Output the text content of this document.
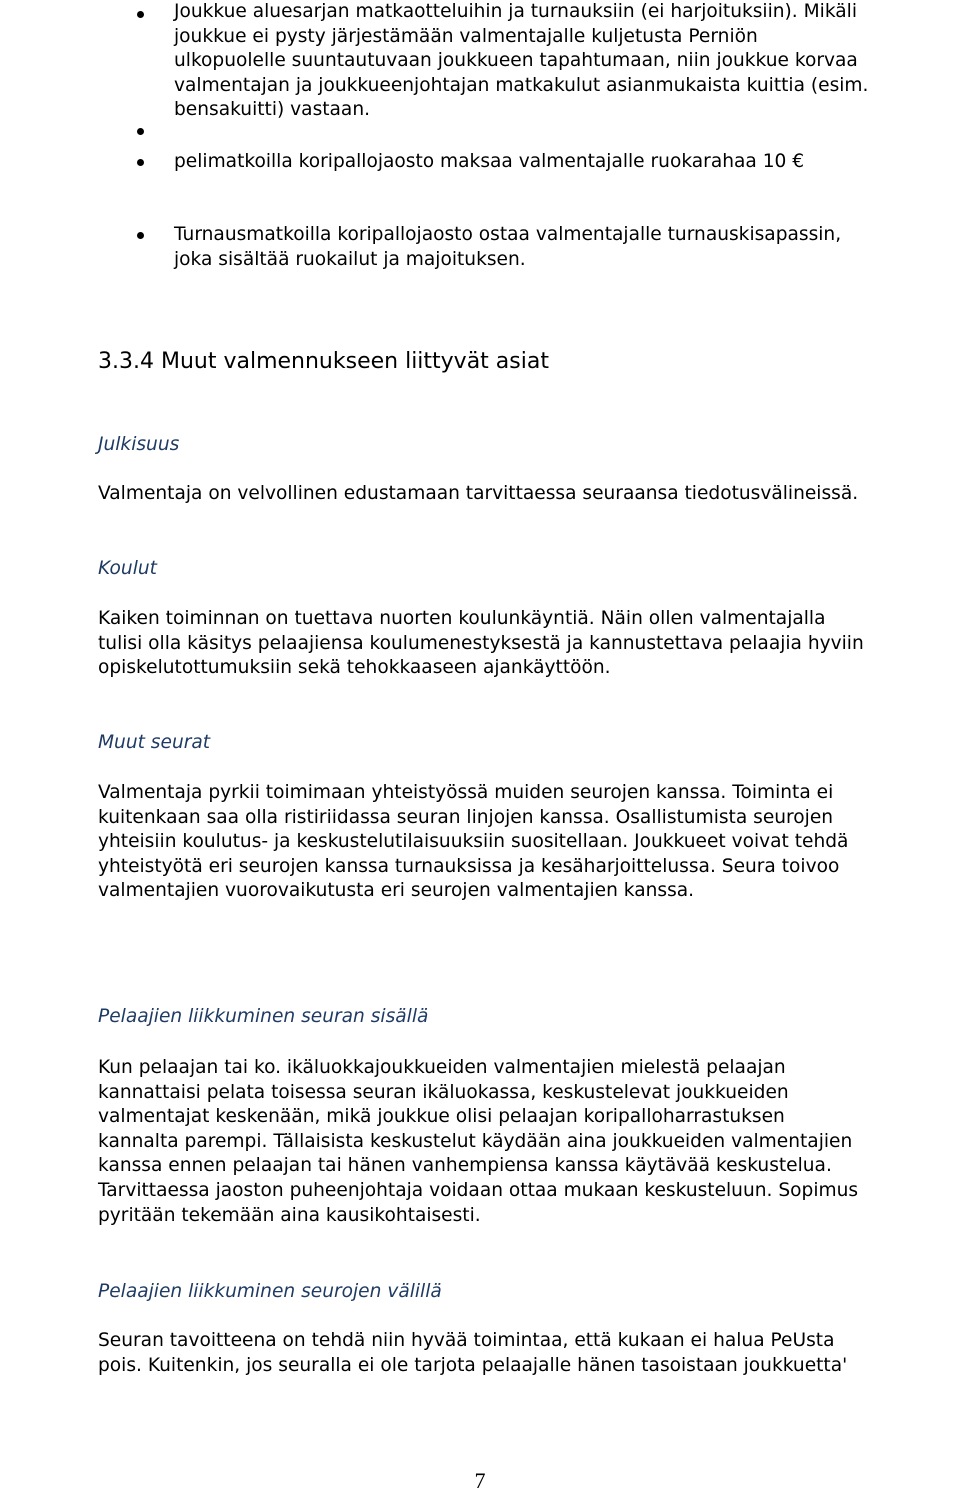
Joukkue aluesarjan matkaotteluihin ja turnauksiin (ei harjoituksiin). Mikäli
joukkue ei pysty järjestämään valmentajalle kuljetusta Perniön
ulkopuolelle suuntautuvaan joukkueen tapahtumaan, niin joukkue korvaa
valmentajan ja joukkueenjohtajan matkakulut asianmukaista kuittia (esim.
bensakuitti) vastaan.
pelimatkoilla koripallojaosto maksaa valmentajalle ruokarahaa 10 €
Turnausmatkoilla koripallojaosto ostaa valmentajalle turnauskisapassin,
joka sisältää ruokailut ja majoituksen.
3.3.4 Muut valmennukseen liittyvät asiat
Julkisuus
Valmentaja on velvollinen edustamaan tarvittaessa seuraansa tiedotusvälineissä.
Koulut
Kaiken toiminnan on tuettava nuorten koulunkäyntiä. Näin ollen valmentajalla
tulisi olla käsitys pelaajiensa koulumenestyksestä ja kannustettava pelaajia hyviin
opiskelutottumuksiin sekä tehokkaaseen ajankäyttöön.
Muut seurat
Valmentaja pyrkii toimimaan yhteistyössä muiden seurojen kanssa. Toiminta ei
kuitenkaan saa olla ristiriidassa seuran linjojen kanssa. Osallistumista seurojen
yhteisiin koulutus- ja keskustelutilaisuuksiin suositellaan. Joukkueet voivat tehdä
yhteistyötä eri seurojen kanssa turnauksissa ja kesäharjoittelussa. Seura toivoo
valmentajien vuorovaikutusta eri seurojen valmentajien kanssa.
Pelaajien liikkuminen seuran sisällä
Kun pelaajan tai ko. ikäluokkajoukkueiden valmentajien mielestä pelaajan
kannattaisi pelata toisessa seuran ikäluokassa, keskustelevat joukkueiden
valmentajat keskenään, mikä joukkue olisi pelaajan koripalloharrastuksen
kannalta parempi. Tällaisista keskustelut käydään aina joukkueiden valmentajien
kanssa ennen pelaajan tai hänen vanhempiensa kanssa käytävää keskustelua.
Tarvittaessa jaoston puheenjohtaja voidaan ottaa mukaan keskusteluun. Sopimus
pyritään tekemään aina kausikohtaisesti.
Pelaajien liikkuminen seurojen välillä
Seuran tavoitteena on tehdä niin hyvää toimintaa, että kukaan ei halua PeUsta
pois. Kuitenkin, jos seuralla ei ole tarjota pelaajalle hänen tasoistaan joukkuetta'
7
